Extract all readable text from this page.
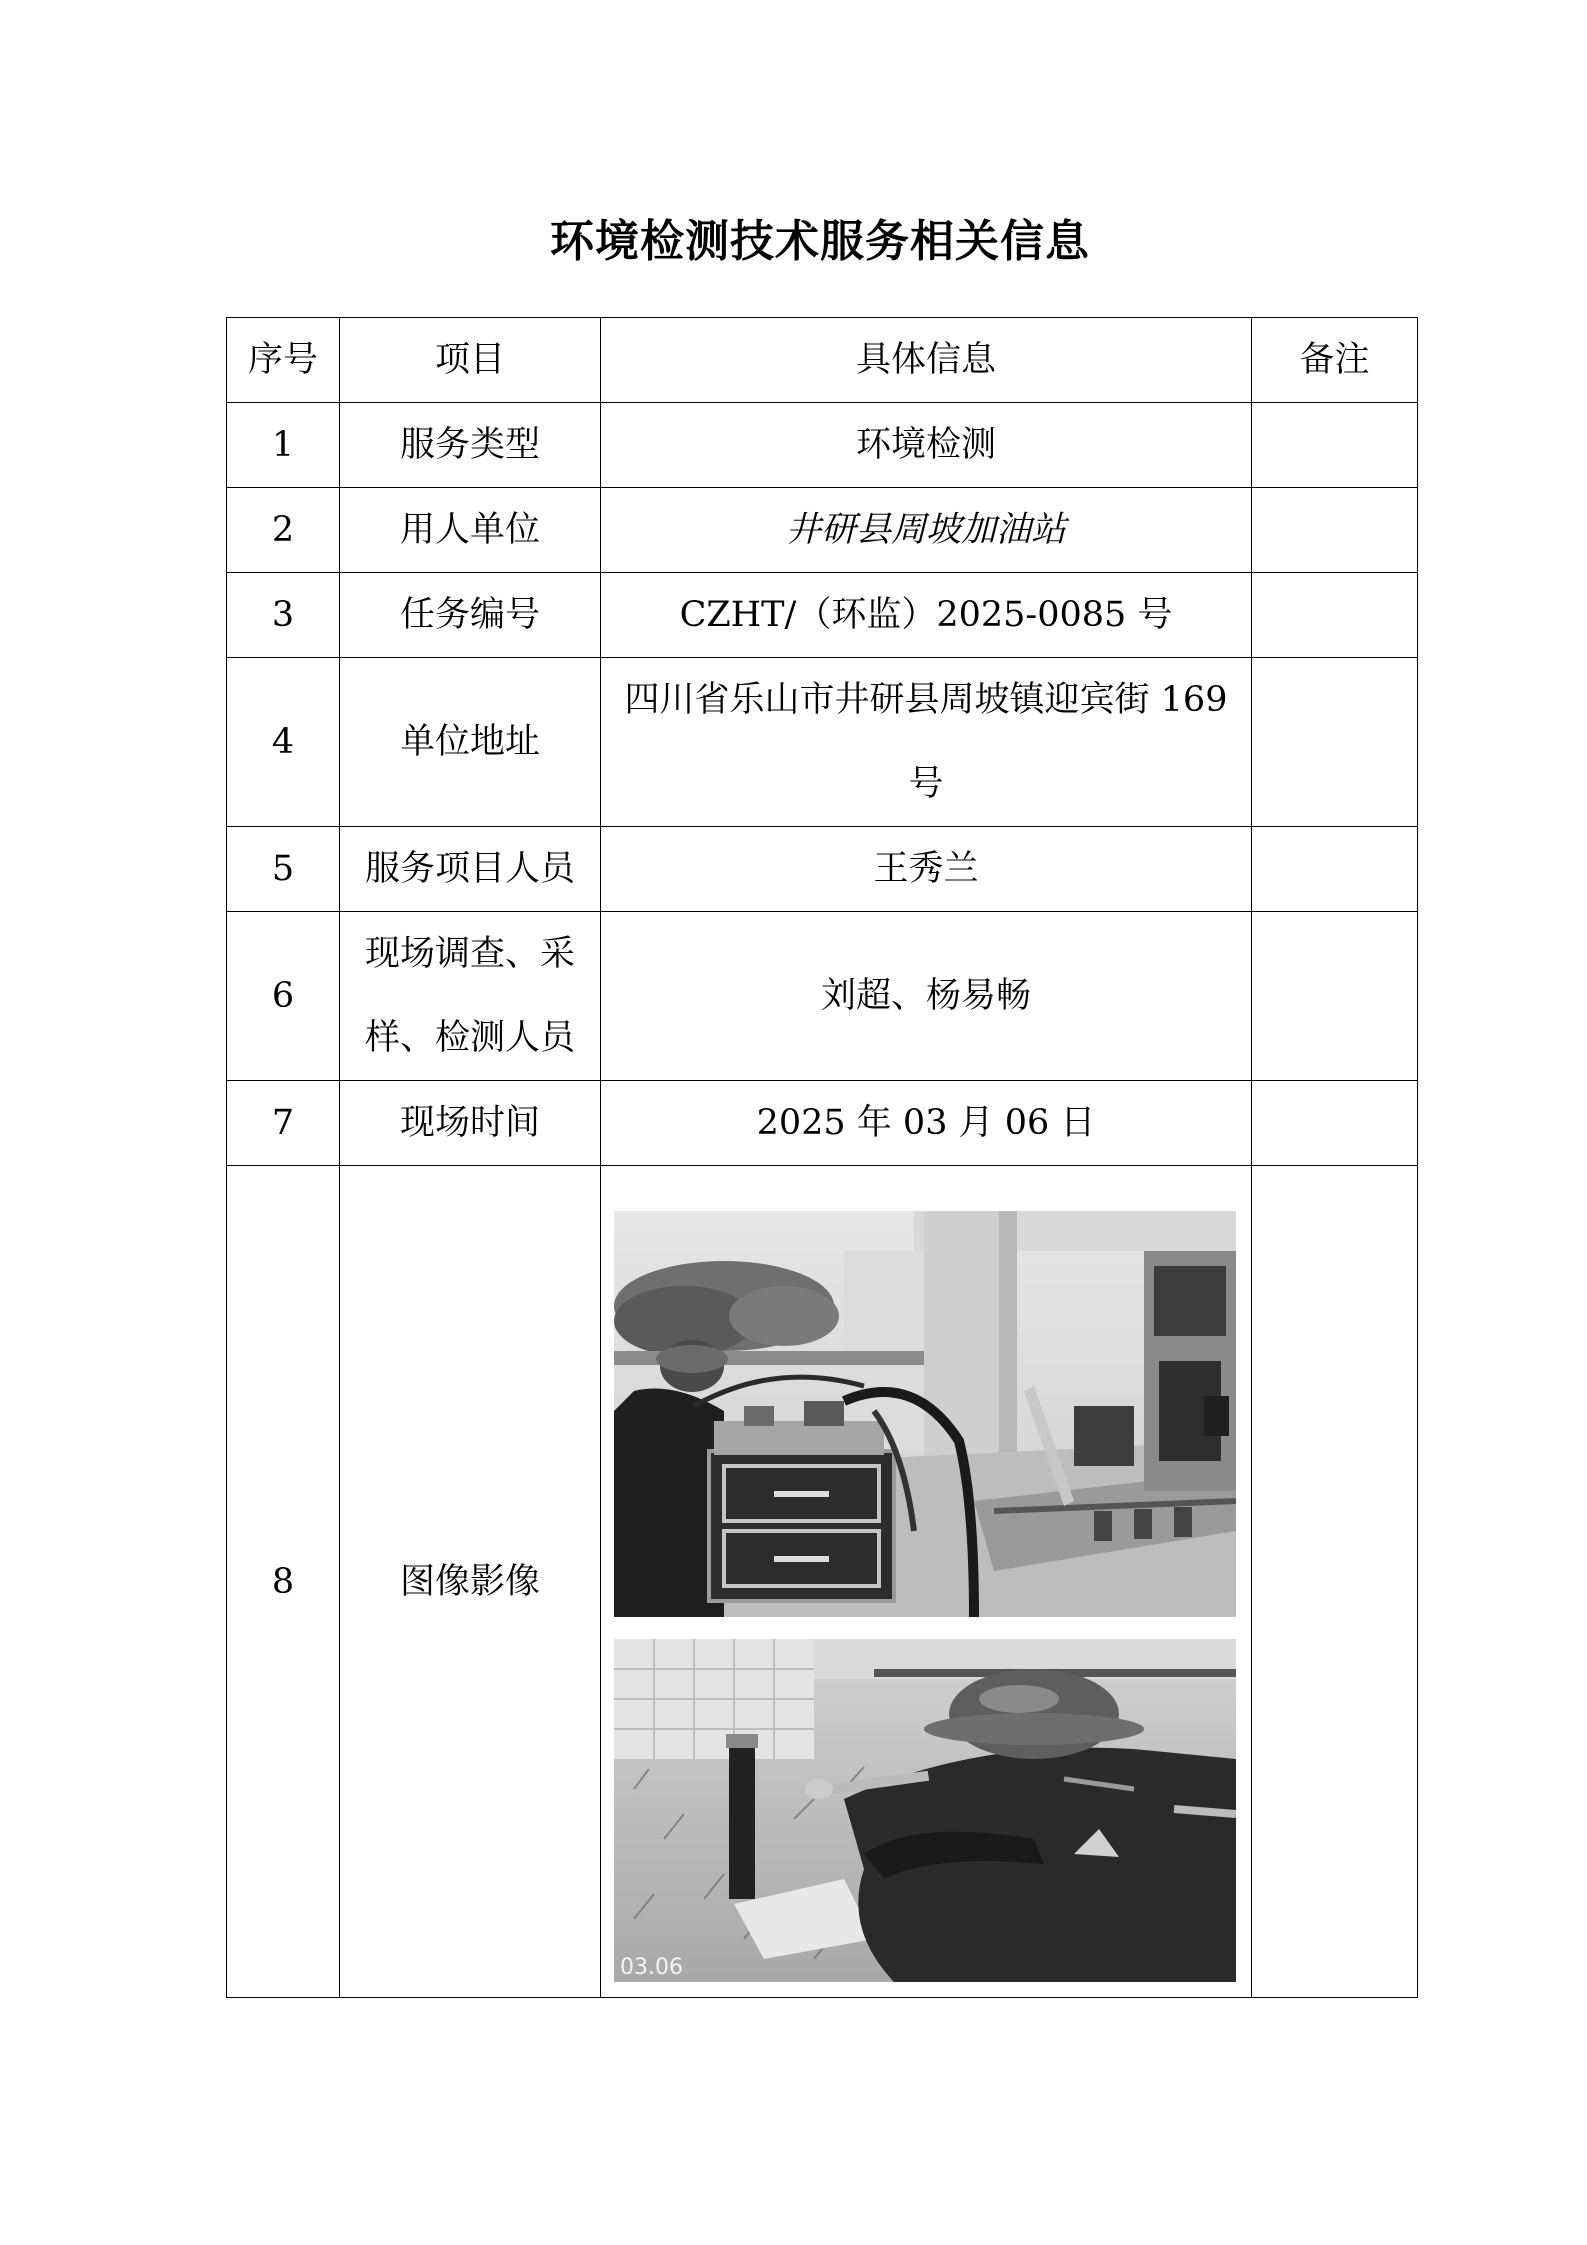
环境检测技术服务相关信息
序号	项目	具体信息	备注
1	服务类型	环境检测	
2	用人单位	井研县周坡加油站	
3	任务编号	CZHT/（环监）2025-0085 号	
4	单位地址	四川省乐山市井研县周坡镇迎宾街 169 号	
5	服务项目人员	王秀兰	
6	现场调查、采样、检测人员	刘超、杨易畅	
7	现场时间	2025 年 03 月 06 日	
8	图像影像	03.06	
